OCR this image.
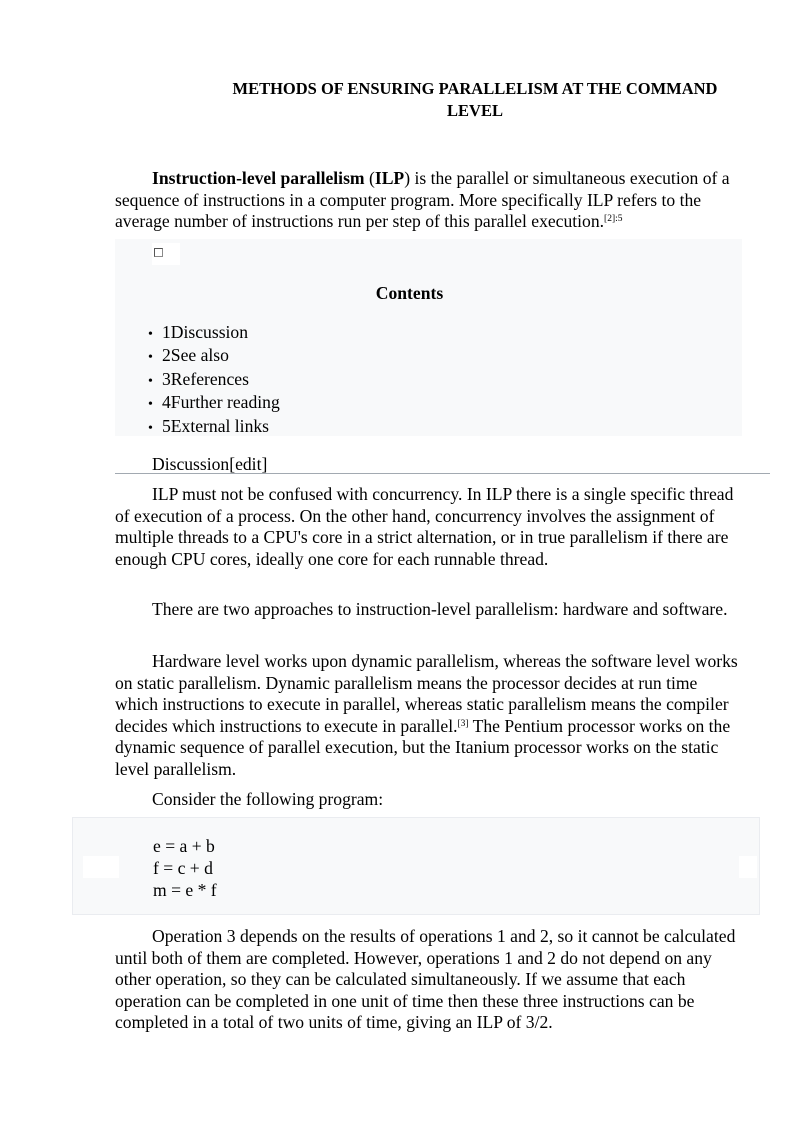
METHODS OF ENSURING PARALLELISM AT THE COMMAND
LEVEL

Instruction-level parallelism (ILP) is the parallel or simultaneous execution of a sequence of instructions in a computer program. More specifically ILP refers to the average number of instructions run per step of this parallel execution.$^{[2]:5}$

Contents
• 1Discussion
• 2See also
• 3References
• 4Further reading
• 5External links
Discussion[edit]

ILP must not be confused with concurrency. In ILP there is a single specific thread of execution of a process. On the other hand, concurrency involves the assignment of multiple threads to a CPU's core in a strict alternation, or in true parallelism if there are enough CPU cores, ideally one core for each runnable thread.

There are two approaches to instruction-level parallelism: hardware and software.

Hardware level works upon dynamic parallelism, whereas the software level works on static parallelism. Dynamic parallelism means the processor decides at run time which instructions to execute in parallel, whereas static parallelism means the compiler decides which instructions to execute in parallel.[3] The Pentium processor works on the dynamic sequence of parallel execution, but the Itanium processor works on the static level parallelism.

Consider the following program:

e = a + b
f = c + d
m = e * f

Operation 3 depends on the results of operations 1 and 2, so it cannot be calculated until both of them are completed. However, operations 1 and 2 do not depend on any other operation, so they can be calculated simultaneously. If we assume that each operation can be completed in one unit of time then these three instructions can be completed in a total of two units of time, giving an ILP of 3/2.
